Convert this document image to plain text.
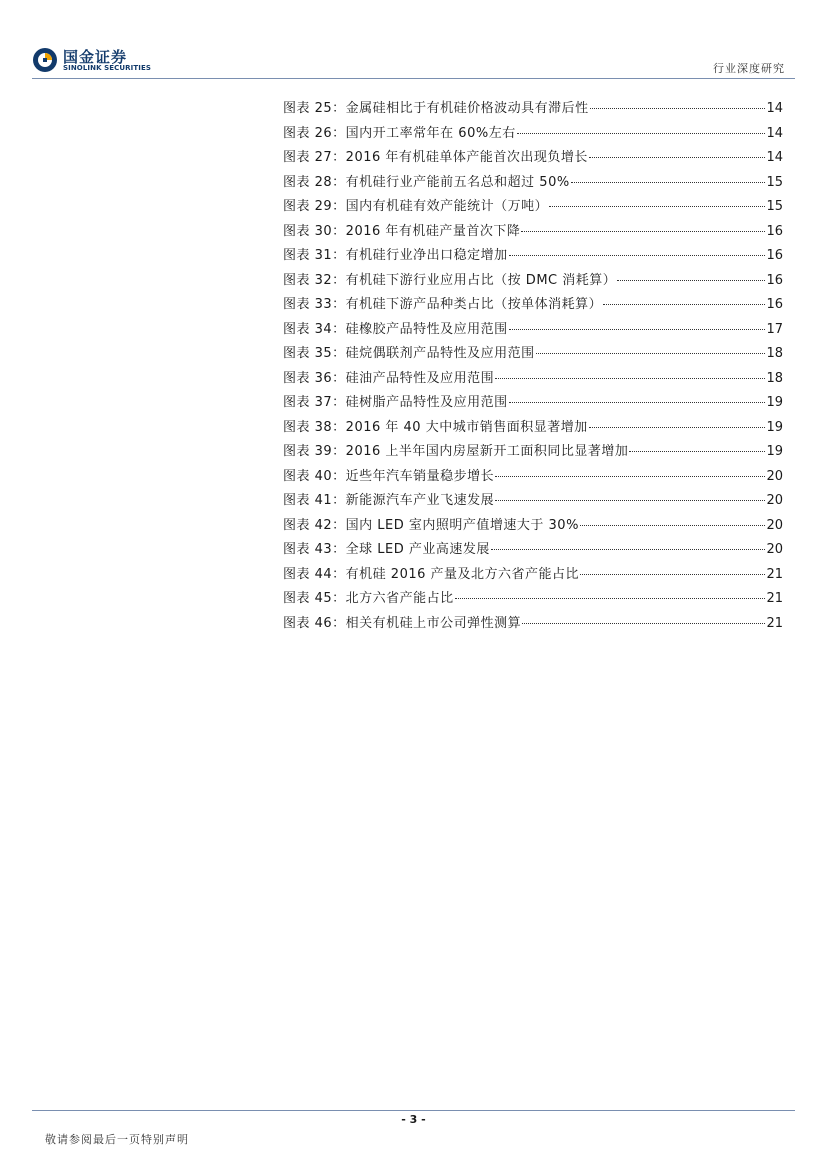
国金证券
SINOLINK SECURITIES	行业深度研究
图表 25：金属硅相比于有机硅价格波动具有滞后性	14
图表 26：国内开工率常年在 60%左右	14
图表 27：2016 年有机硅单体产能首次出现负增长	14
图表 28：有机硅行业产能前五名总和超过 50%	15
图表 29：国内有机硅有效产能统计（万吨）	15
图表 30：2016 年有机硅产量首次下降	16
图表 31：有机硅行业净出口稳定增加	16
图表 32：有机硅下游行业应用占比（按 DMC 消耗算）	16
图表 33：有机硅下游产品种类占比（按单体消耗算）	16
图表 34：硅橡胶产品特性及应用范围	17
图表 35：硅烷偶联剂产品特性及应用范围	18
图表 36：硅油产品特性及应用范围	18
图表 37：硅树脂产品特性及应用范围	19
图表 38：2016 年 40 大中城市销售面积显著增加	19
图表 39：2016 上半年国内房屋新开工面积同比显著增加	19
图表 40：近些年汽车销量稳步增长	20
图表 41：新能源汽车产业飞速发展	20
图表 42：国内 LED 室内照明产值增速大于 30%	20
图表 43：全球 LED 产业高速发展	20
图表 44：有机硅 2016 产量及北方六省产能占比	21
图表 45：北方六省产能占比	21
图表 46：相关有机硅上市公司弹性测算	21
- 3 -
敬请参阅最后一页特别声明
